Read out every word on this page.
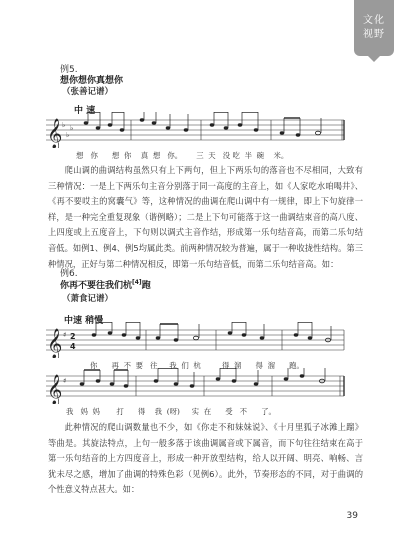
文化
视野
例5.
想你想你真想你
（张善记谱）
中 速
𝄞 ♭
♭
♭
想   你      想  你    真  想   你。      三  天   没 吃  半  碗    米。
爬山调的曲调结构虽然只有上下两句，但上下两乐句的落音也不尽相同，大致有三种情况：一是上下两乐句主音分别落于同一高度的主音上，如《人家吃水咱喝井》、《再不要哎主的窝囊气》等，这种情况的曲调在爬山调中有一规律，即上下句旋律一样，是一种完全重复现象（谐例略）；二是上下句可能落于这一曲调结束音的高八度、上四度或上五度音上，下句则以调式主音作结，形成第一乐句结音高，而第二乐句结音低。如例1、例4、例5均属此类。前两种情况较为普遍，属于一种收拢性结构。第三种情况，正好与第二种情况相反，即第一乐句结音低，而第二乐句结音高。如：
例6.
你再不要往我们杭[4]跑
（萧食记谱）
中速 稍慢
𝄞 ♯ 2
4
你      再  不  要   往     我  们  杭         得  溜      得  溜      跑。
𝄞 ♯
我   妈  妈       打      得    我  (呀)     实  在      受   不      了。
此种情况的爬山调数量也不少，如《你走不和妹妹说》、《十月里狐子冰滩上蹓》等曲是。其旋法特点，上句一般多落于该曲调属音或下属音，而下句往往结束在高于第一乐句结音的上方四度音上，形成一种开放型结构，给人以开阔、明亮、响畅、言犹未尽之感，增加了曲调的特殊色彩（见例6）。此外，节奏形态的不同，对于曲调的个性意义特点甚大。如：
39
